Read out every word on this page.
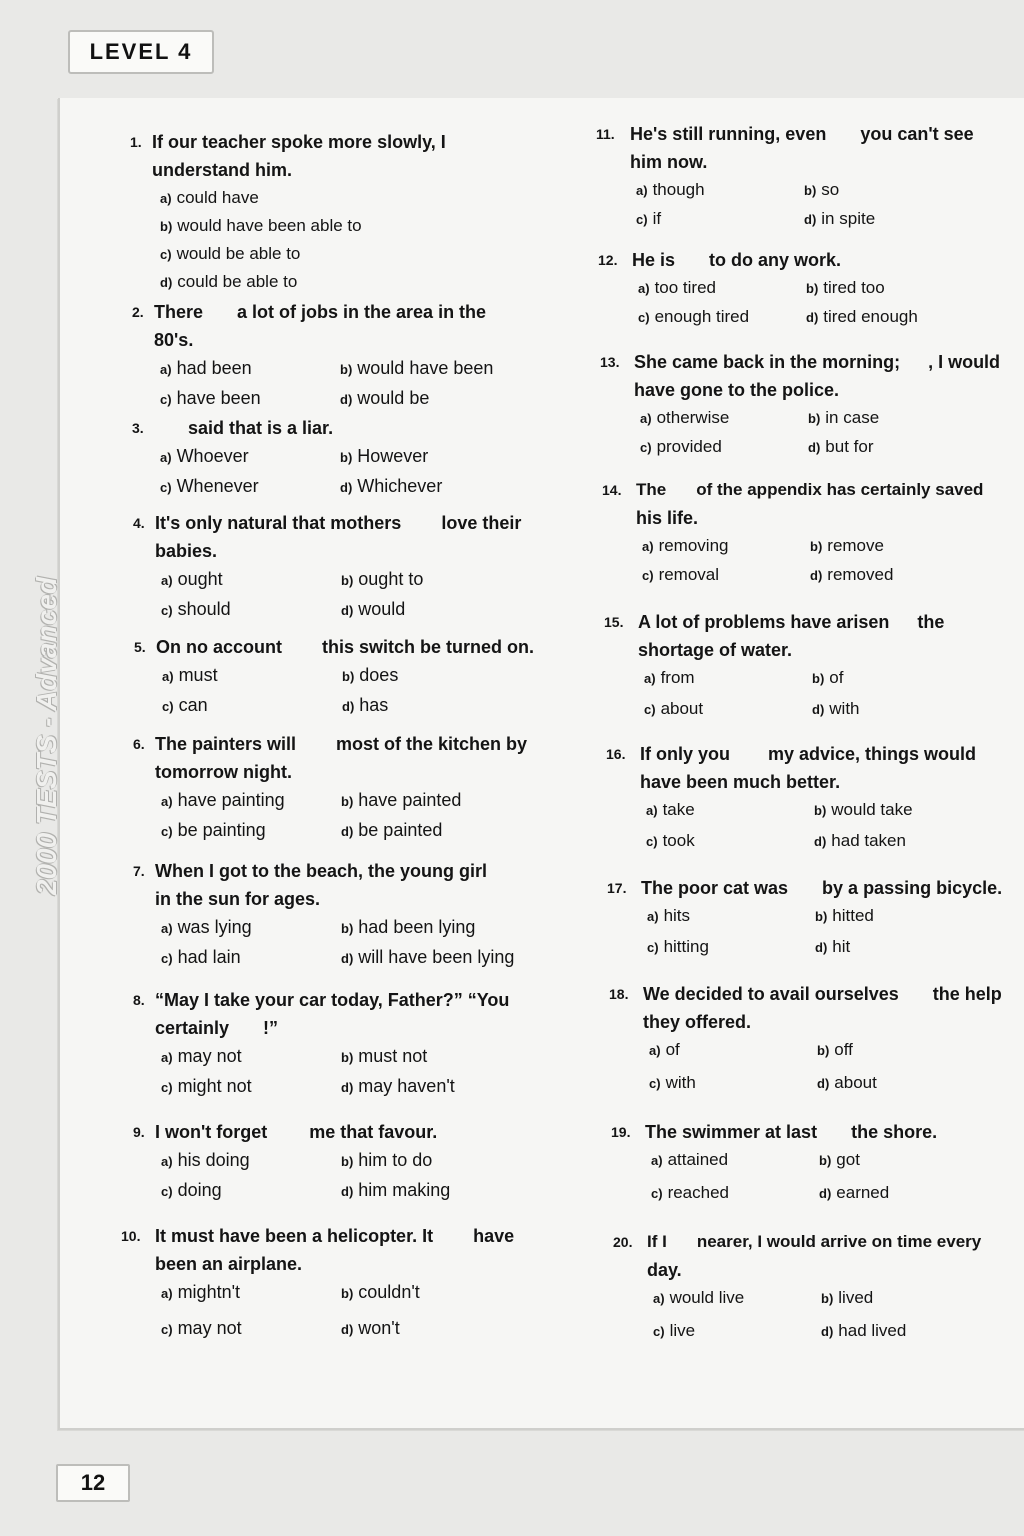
LEVEL 4
2000 TESTS - Advanced
12
1. If our teacher spoke more slowly, I
understand him.
a) could have
b) would have been able to
c) would be able to
d) could be able to
2. There a lot of jobs in the area in the
80's.
a) had been	b) would have been
c) have been	d) would be
3. said that is a liar.
a) Whoever	b) However
c) Whenever	d) Whichever
4. It's only natural that mothers love their
babies.
a) ought	b) ought to
c) should	d) would
5. On no account this switch be turned on.
a) must	b) does
c) can	d) has
6. The painters will most of the kitchen by
tomorrow night.
a) have painting	b) have painted
c) be painting	d) be painted
7. When I got to the beach, the young girl
in the sun for ages.
a) was lying	b) had been lying
c) had lain	d) will have been lying
8. “May I take your car today, Father?” “You
certainly !”
a) may not	b) must not
c) might not	d) may haven't
9. I won't forget me that favour.
a) his doing	b) him to do
c) doing	d) him making
10. It must have been a helicopter. It have
been an airplane.
a) mightn't	b) couldn't
c) may not	d) won't
11. He's still running, even you can't see
him now.
a) though	b) so
c) if	d) in spite
12. He is to do any work.
a) too tired	b) tired too
c) enough tired	d) tired enough
13. She came back in the morning; , I would
have gone to the police.
a) otherwise	b) in case
c) provided	d) but for
14. The of the appendix has certainly saved
his life.
a) removing	b) remove
c) removal	d) removed
15. A lot of problems have arisen the
shortage of water.
a) from	b) of
c) about	d) with
16. If only you my advice, things would
have been much better.
a) take	b) would take
c) took	d) had taken
17. The poor cat was by a passing bicycle.
a) hits	b) hitted
c) hitting	d) hit
18. We decided to avail ourselves the help
they offered.
a) of	b) off
c) with	d) about
19. The swimmer at last the shore.
a) attained	b) got
c) reached	d) earned
20. If I nearer, I would arrive on time every
day.
a) would live	b) lived
c) live	d) had lived
